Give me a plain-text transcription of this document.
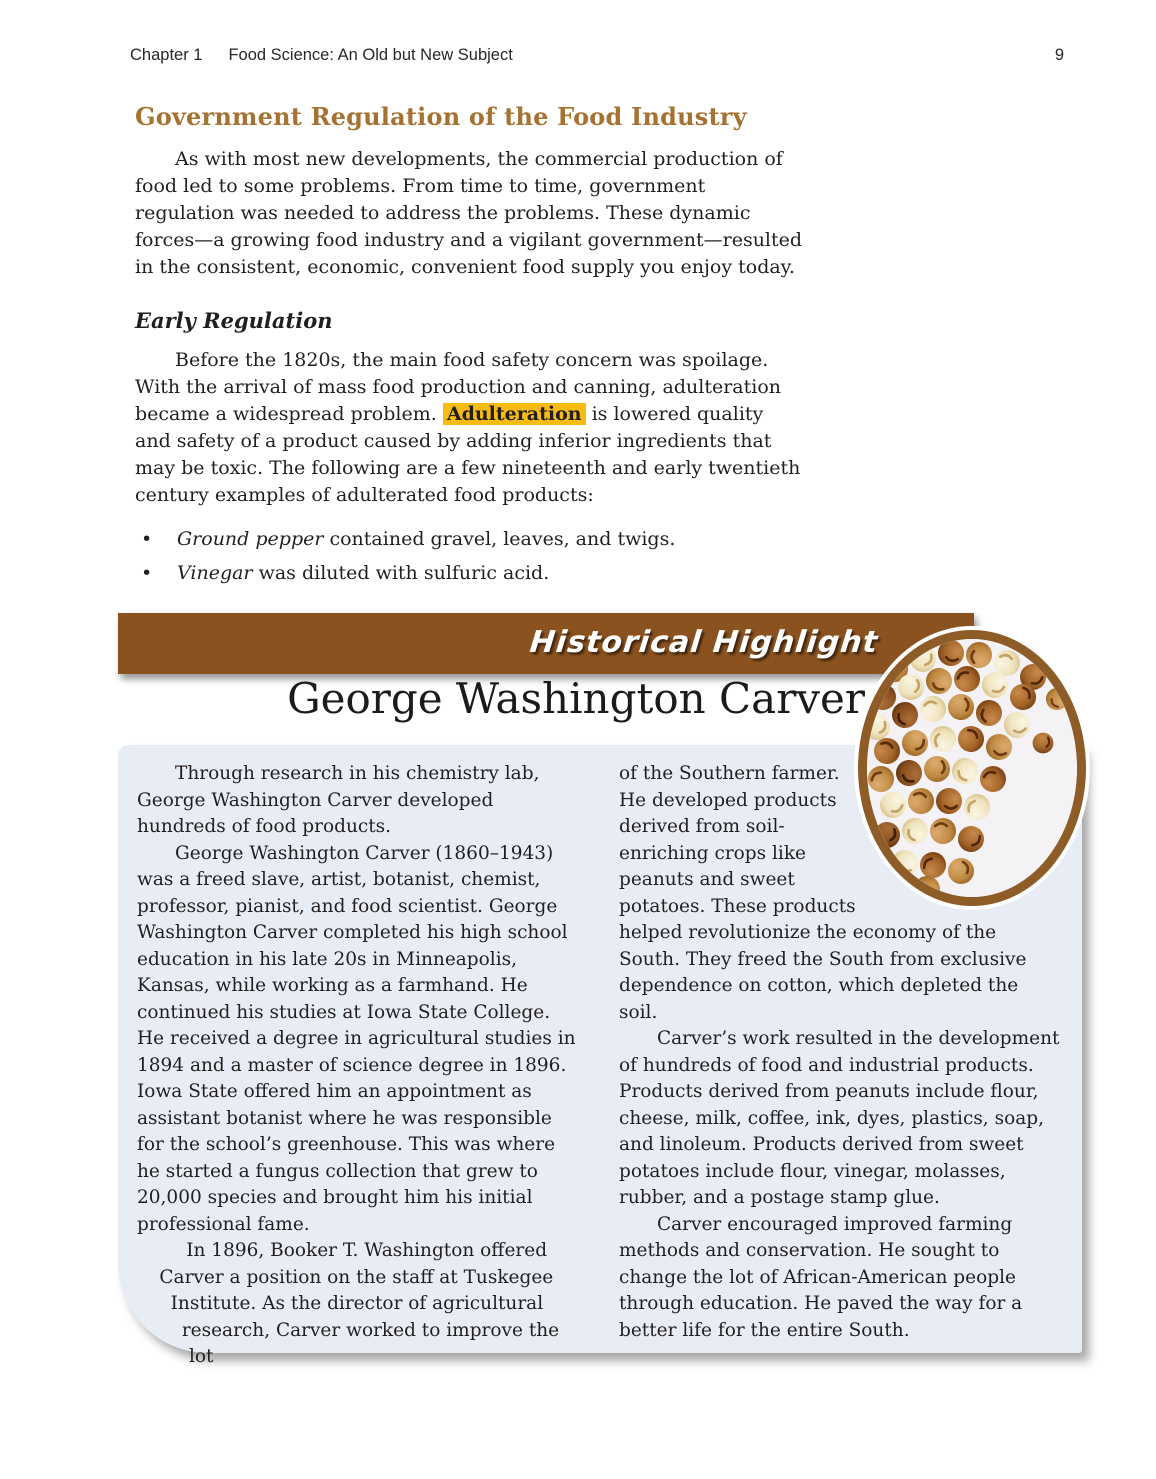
Chapter 1 Food Science: An Old but New Subject	9
Government Regulation of the Food Industry

As with most new developments, the commercial production of food led to some problems. From time to time, government regulation was needed to address the problems. These dynamic forces—a growing food industry and a vigilant government—resulted in the consistent, economic, convenient food supply you enjoy today.

Early Regulation

Before the 1820s, the main food safety concern was spoilage. With the arrival of mass food production and canning, adulteration became a widespread problem. Adulteration is lowered quality and safety of a product caused by adding inferior ingredients that may be toxic. The following are a few nineteenth and early twentieth century examples of adulterated food products:

• Ground pepper contained gravel, leaves, and twigs.
• Vinegar was diluted with sulfuric acid.
Historical Highlight
George Washington Carver

Through research in his chemistry lab, George Washington Carver developed hundreds of food products.

George Washington Carver (1860–1943) was a freed slave, artist, botanist, chemist, professor, pianist, and food scientist. George Washington Carver completed his high school education in his late 20s in Minneapolis, Kansas, while working as a farmhand. He continued his studies at Iowa State College. He received a degree in agricultural studies in 1894 and a master of science degree in 1896. Iowa State offered him an appointment as assistant botanist where he was responsible for the school’s greenhouse. This was where he started a fungus collection that grew to 20,000 species and brought him his initial professional fame.

In 1896, Booker T. Washington offered Carver a position on the staff at Tuskegee Institute. As the director of agricultural research, Carver worked to improve the lot

of the Southern farmer. He developed products derived from soil-enriching crops like peanuts and sweet potatoes. These products helped revolutionize the economy of the South. They freed the South from exclusive dependence on cotton, which depleted the soil.

Carver’s work resulted in the development of hundreds of food and industrial products. Products derived from peanuts include flour, cheese, milk, coffee, ink, dyes, plastics, soap, and linoleum. Products derived from sweet potatoes include flour, vinegar, molasses, rubber, and a postage stamp glue.

Carver encouraged improved farming methods and conservation. He sought to change the lot of African-American people through education. He paved the way for a better life for the entire South.
